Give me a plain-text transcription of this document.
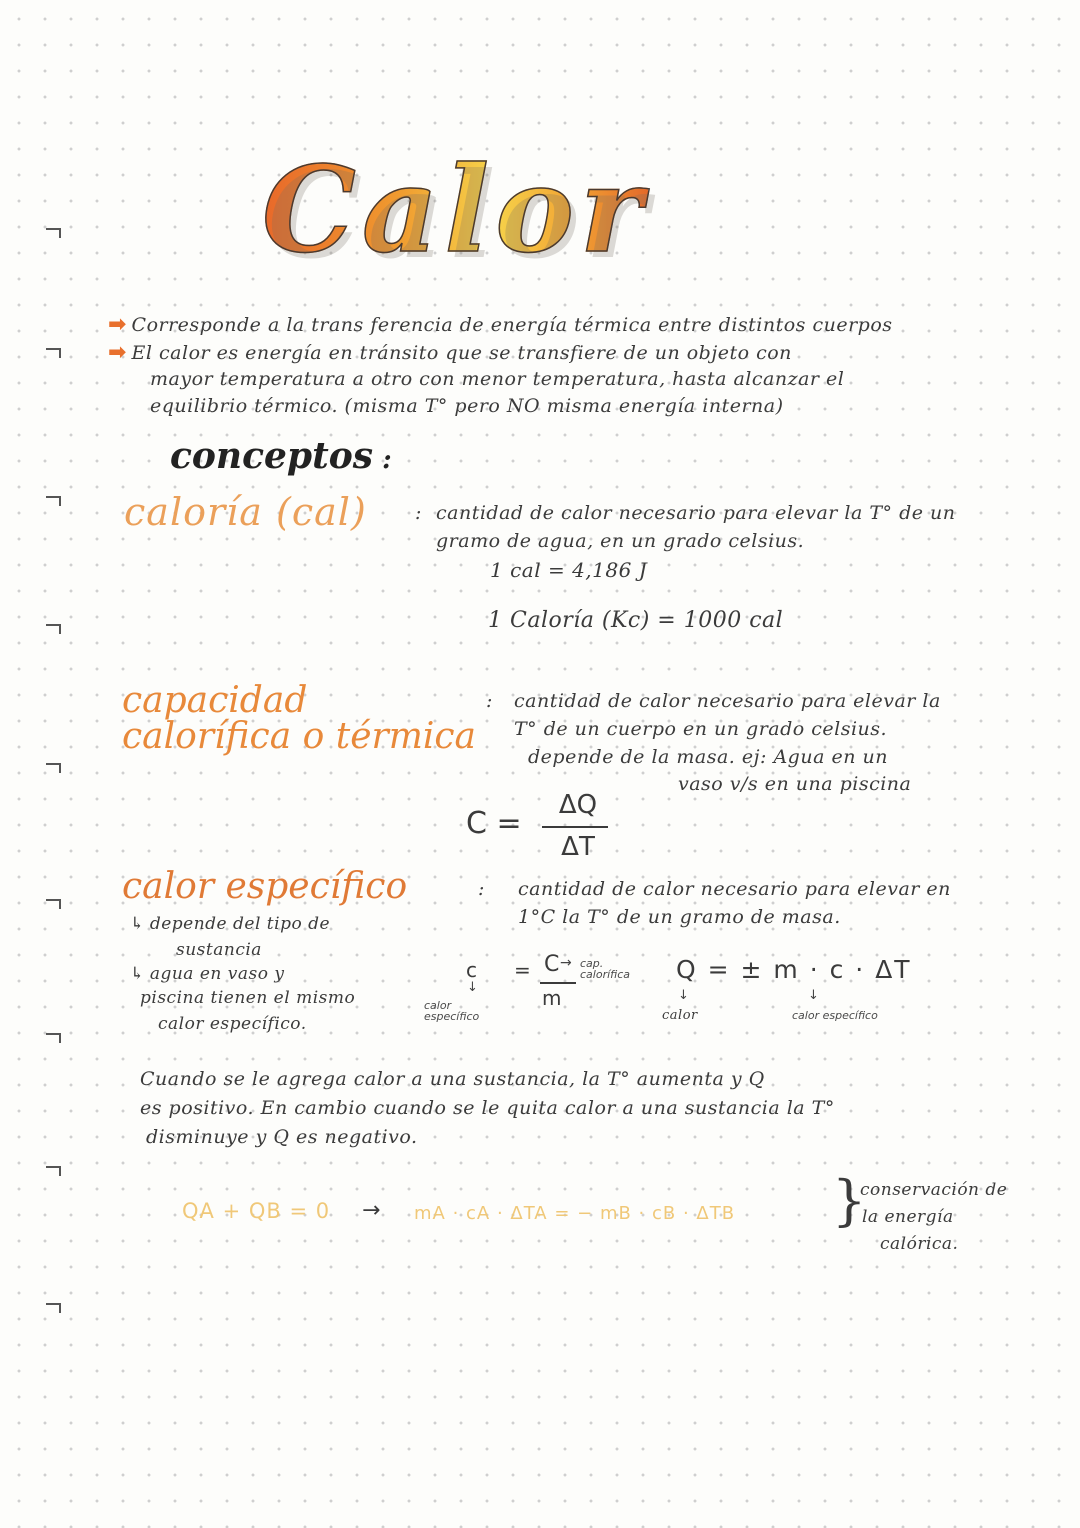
Calor
➡ Corresponde a la trans ferencia de energía térmica entre distintos cuerpos
➡ El calor es energía en tránsito que se transfiere de un objeto con
mayor temperatura a otro con menor temperatura, hasta alcanzar el
equilibrio térmico. (misma T° pero NO misma energía interna)
conceptos :
caloría (cal)	: cantidad de calor necesario para elevar la T° de un
gramo de agua, en un grado celsius.
1 cal = 4,186 J
1 Caloría (Kc) = 1000 cal
capacidad
calorífica o térmica
: cantidad de calor necesario para elevar la
T° de un cuerpo en un grado celsius.
depende de la masa. ej: Agua en un
vaso v/s en una piscina
C =
ΔQ
ΔT
calor específico	: cantidad de calor necesario para elevar en
1°C la T° de un gramo de masa.
↳ depende del tipo de
sustancia
↳ agua en vaso y
piscina tienen el mismo
calor específico.
c
↓
calor específico
= C → cap. calorífica
m
Q = ± m · c · ΔT
↓
calor
↓
calor específico
Cuando se le agrega calor a una sustancia, la T° aumenta y Q
es positivo. En cambio cuando se le quita calor a una sustancia la T°
disminuye y Q es negativo.
QA + QB = 0 → mA · cA · ΔTA = − mB · cB · ΔTB }
conservación de
la energía
calórica.
